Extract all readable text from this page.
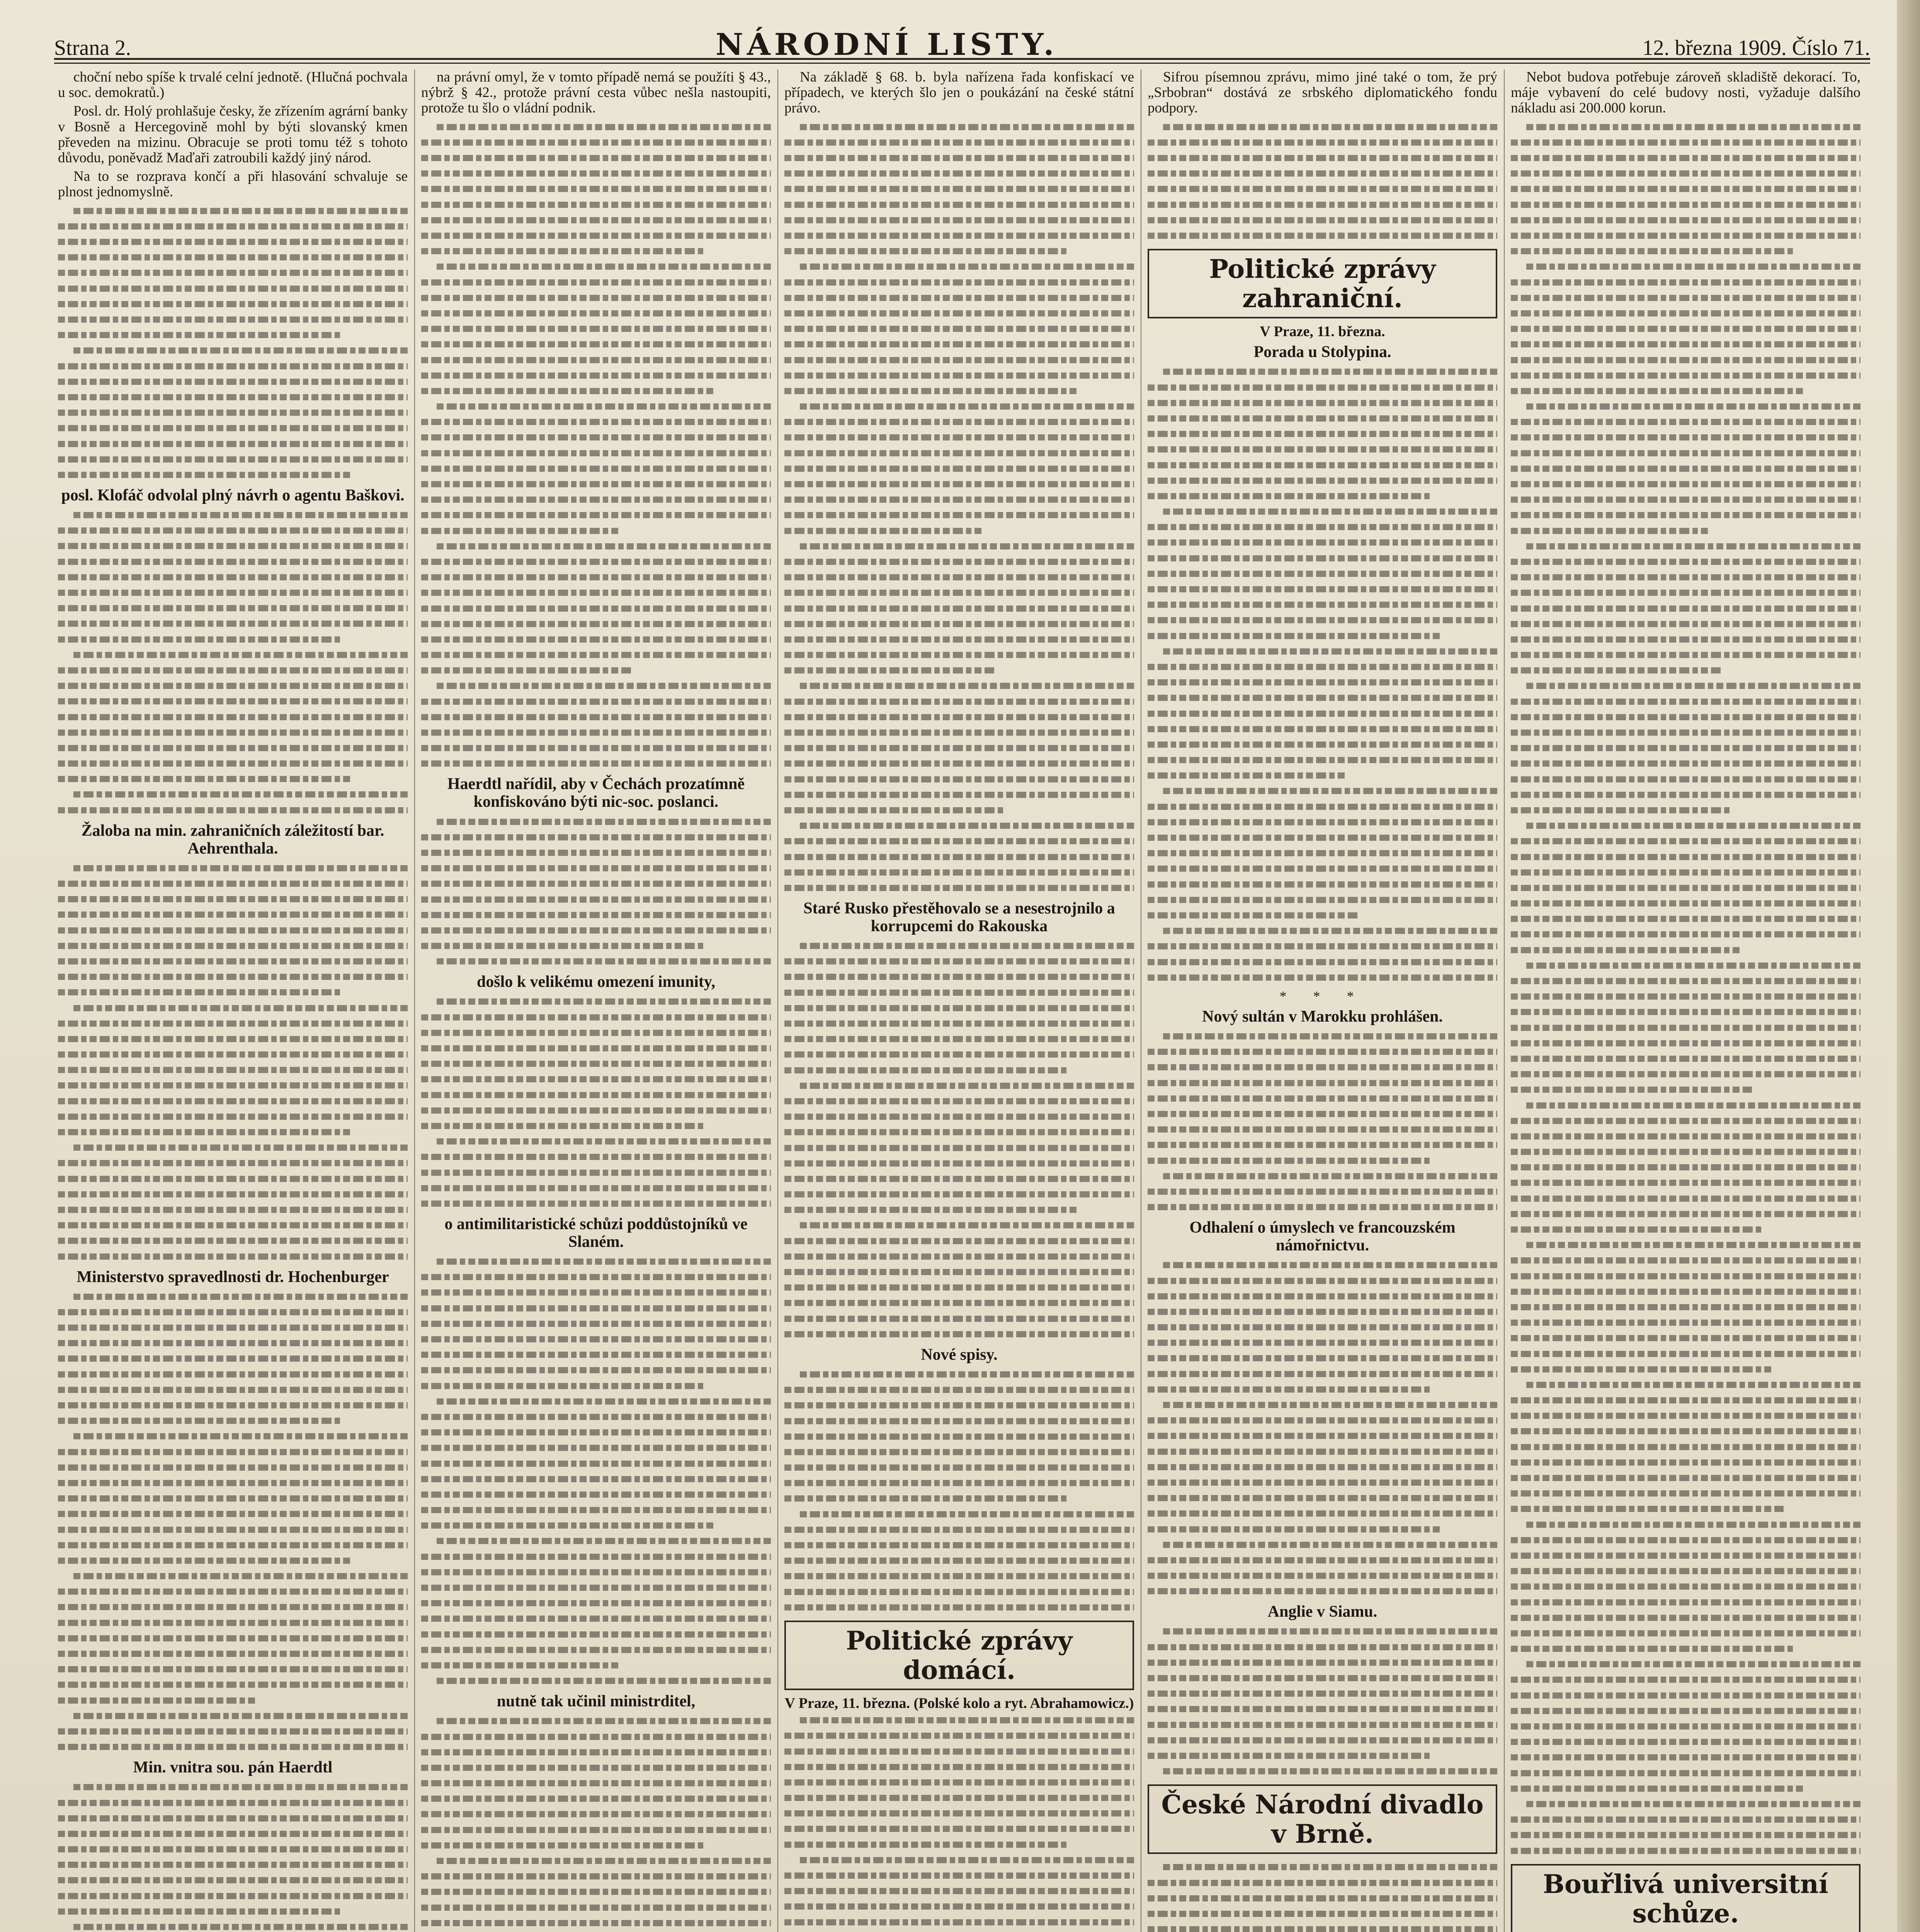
Strana 2.	NÁRODNÍ LISTY.	12. března 1909. Číslo 71.

choční nebo spíše k trvalé celní jednotě. (Hlučná pochvala u soc. demokratů.)

Posl. dr. Holý prohlašuje česky, že zřízením agrární banky v Bosně a Hercegovině mohl by býti slovanský kmen převeden na mizinu. Obracuje se proti tomu též s tohoto důvodu, poněvadž Maďaři zatroubili každý jiný národ.

Na to se rozprava končí a při hlasování schvaluje se plnost jednomyslně.

posl. Klofáč odvolal plný návrh o agentu Baškovi.
Žaloba na min. zahraničních záležitostí bar. Aehrenthala.
Ministerstvo spravedlnosti dr. Hochenburger
Min. vnitra sou. pán Haerdtl

na právní omyl, že v tomto případě nemá se použíti § 43., nýbrž § 42., protože právní cesta vůbec nešla nastoupiti, protože tu šlo o vládní podnik.

Haerdtl nařídil, aby v Čechách prozatímně konfiskováno býti nic-soc. poslanci.
došlo k velikému omezení imunity,
o antimilitaristické schůzi poddůstojníků ve Slaném.
nutně tak učinil ministrditel,

Na základě § 68. b. byla nařízena řada konfiskací ve případech, ve kterých šlo jen o poukázání na české státní právo.

Staré Rusko přestěhovalo se a nesestrojnilo a korrupcemi do Rakouska
Nové spisy.
Politické zprávy domácí.
V Praze, 11. března. (Polské kolo a ryt. Abrahamowicz.)

Sifrou písemnou zprávu, mimo jiné také o tom, že prý „Srbobran“ dostává ze srbského diplomatického fondu podpory.

Politické zprávy zahraniční.
V Praze, 11. března.
Porada u Stolypina.
* * *
Nový sultán v Marokku prohlášen.
Odhalení o úmyslech ve francouzském námořnictvu.
Anglie v Siamu.
České Národní divadlo v Brně.

Nebot budova potřebuje zároveň skladiště dekorací. To, máje vybavení do celé budovy nosti, vyžaduje dalšího nákladu asi 200.000 korun.

Bouřlivá universitní schůze.
